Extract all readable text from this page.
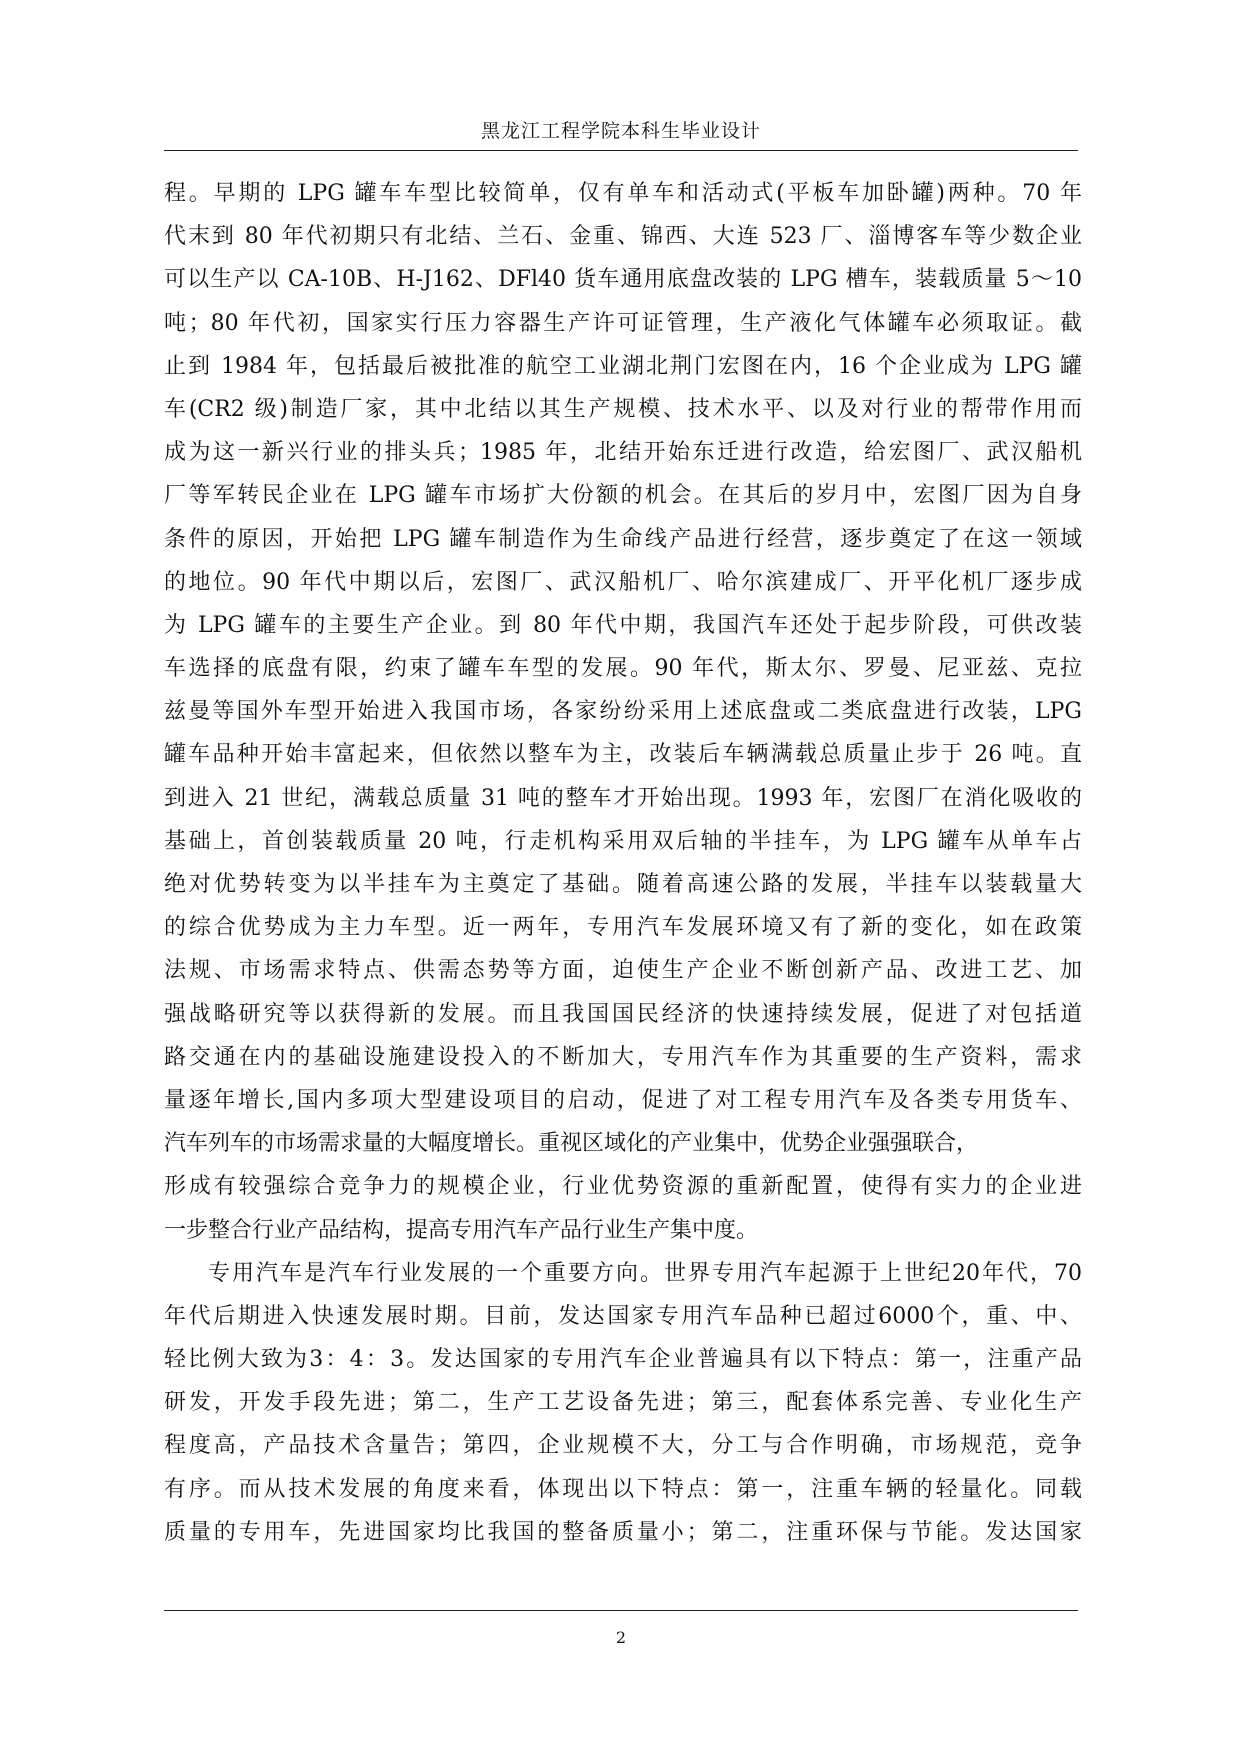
黑龙江工程学院本科生毕业设计
程。早期的 LPG 罐车车型比较简单，仅有单车和活动式(平板车加卧罐)两种。70 年
代末到 80 年代初期只有北结、兰石、金重、锦西、大连 523 厂、淄博客车等少数企业
可以生产以 CA-10B、H-J162、DFl40 货车通用底盘改装的 LPG 槽车，装载质量 5～10
吨；80 年代初，国家实行压力容器生产许可证管理，生产液化气体罐车必须取证。截
止到 1984 年，包括最后被批准的航空工业湖北荆门宏图在内，16 个企业成为 LPG 罐
车(CR2 级)制造厂家，其中北结以其生产规模、技术水平、以及对行业的帮带作用而
成为这一新兴行业的排头兵；1985 年，北结开始东迁进行改造，给宏图厂、武汉船机
厂等军转民企业在 LPG 罐车市场扩大份额的机会。在其后的岁月中，宏图厂因为自身
条件的原因，开始把 LPG 罐车制造作为生命线产品进行经营，逐步奠定了在这一领域
的地位。90 年代中期以后，宏图厂、武汉船机厂、哈尔滨建成厂、开平化机厂逐步成
为 LPG 罐车的主要生产企业。到 80 年代中期，我国汽车还处于起步阶段，可供改装
车选择的底盘有限，约束了罐车车型的发展。90 年代，斯太尔、罗曼、尼亚兹、克拉
兹曼等国外车型开始进入我国市场，各家纷纷采用上述底盘或二类底盘进行改装，LPG
罐车品种开始丰富起来，但依然以整车为主，改装后车辆满载总质量止步于 26 吨。直
到进入 21 世纪，满载总质量 31 吨的整车才开始出现。1993 年，宏图厂在消化吸收的
基础上，首创装载质量 20 吨，行走机构采用双后轴的半挂车，为 LPG 罐车从单车占
绝对优势转变为以半挂车为主奠定了基础。随着高速公路的发展，半挂车以装载量大
的综合优势成为主力车型。近一两年，专用汽车发展环境又有了新的变化，如在政策
法规、市场需求特点、供需态势等方面，迫使生产企业不断创新产品、改进工艺、加
强战略研究等以获得新的发展。而且我国国民经济的快速持续发展，促进了对包括道
路交通在内的基础设施建设投入的不断加大，专用汽车作为其重要的生产资料，需求
量逐年增长,国内多项大型建设项目的启动，促进了对工程专用汽车及各类专用货车、
汽车列车的市场需求量的大幅度增长。重视区域化的产业集中，优势企业强强联合，
形成有较强综合竞争力的规模企业，行业优势资源的重新配置，使得有实力的企业进
一步整合行业产品结构，提高专用汽车产品行业生产集中度。
专用汽车是汽车行业发展的一个重要方向。世界专用汽车起源于上世纪20年代，70
年代后期进入快速发展时期。目前，发达国家专用汽车品种已超过6000个，重、中、
轻比例大致为3：4：3。发达国家的专用汽车企业普遍具有以下特点：第一，注重产品
研发，开发手段先进；第二，生产工艺设备先进；第三，配套体系完善、专业化生产
程度高，产品技术含量告；第四，企业规模不大，分工与合作明确，市场规范，竞争
有序。而从技术发展的角度来看，体现出以下特点：第一，注重车辆的轻量化。同载
质量的专用车，先进国家均比我国的整备质量小；第二，注重环保与节能。发达国家
2
